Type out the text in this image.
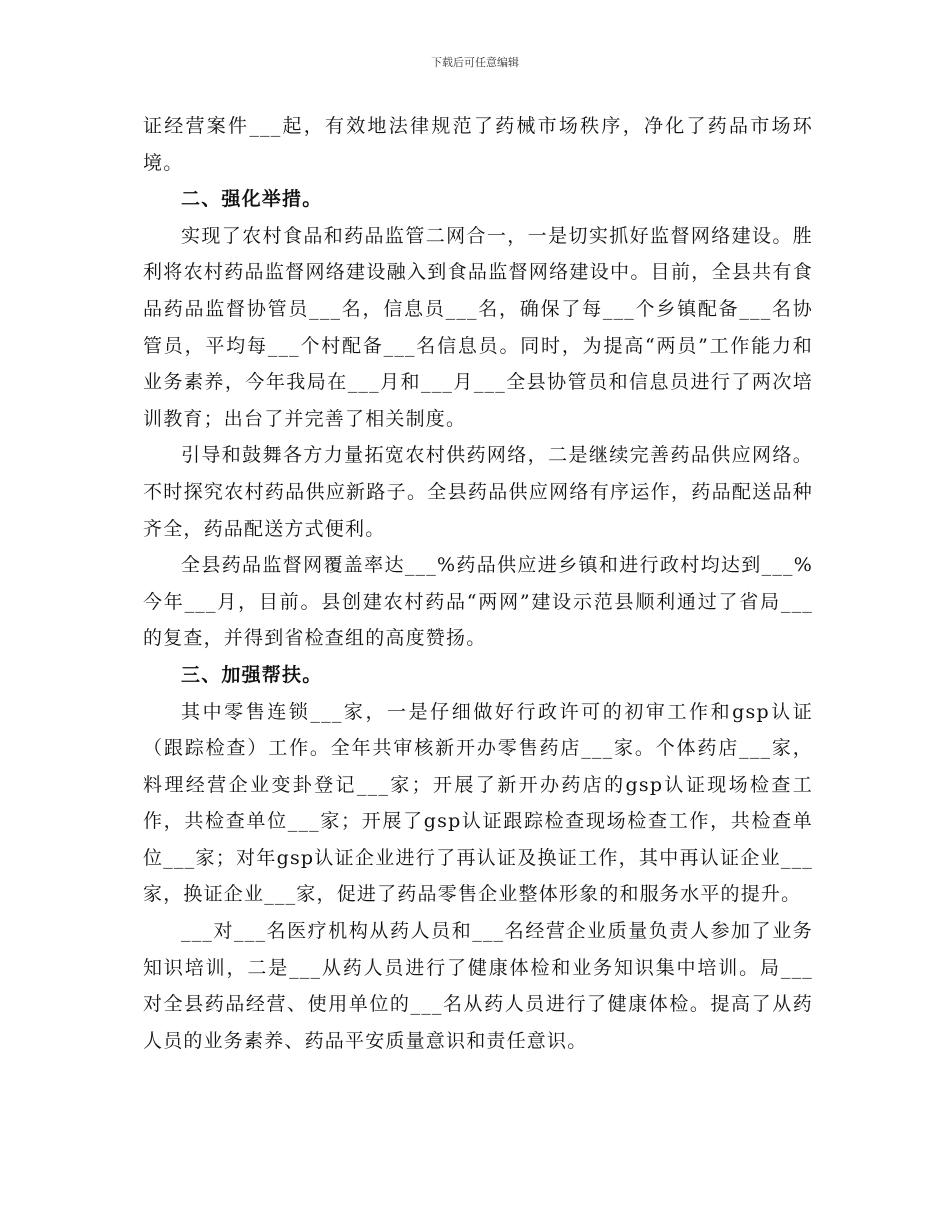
下载后可任意编辑

证经营案件___起，有效地法律规范了药械市场秩序，净化了药品市场环境。

二、强化举措。

实现了农村食品和药品监管二网合一，一是切实抓好监督网络建设。胜利将农村药品监督网络建设融入到食品监督网络建设中。目前，全县共有食品药品监督协管员___名，信息员___名，确保了每___个乡镇配备___名协管员，平均每___个村配备___名信息员。同时，为提高“两员”工作能力和业务素养，今年我局在___月和___月___全县协管员和信息员进行了两次培训教育；出台了并完善了相关制度。

引导和鼓舞各方力量拓宽农村供药网络，二是继续完善药品供应网络。不时探究农村药品供应新路子。全县药品供应网络有序运作，药品配送品种齐全，药品配送方式便利。

全县药品监督网覆盖率达___%药品供应进乡镇和进行政村均达到___%今年___月，目前。县创建农村药品“两网”建设示范县顺利通过了省局___的复查，并得到省检查组的高度赞扬。

三、加强帮扶。

其中零售连锁___家，一是仔细做好行政许可的初审工作和gsp认证（跟踪检查）工作。全年共审核新开办零售药店___家。个体药店___家，料理经营企业变卦登记___家；开展了新开办药店的gsp认证现场检查工作，共检查单位___家；开展了gsp认证跟踪检查现场检查工作，共检查单位___家；对年gsp认证企业进行了再认证及换证工作，其中再认证企业___家，换证企业___家，促进了药品零售企业整体形象的和服务水平的提升。

___对___名医疗机构从药人员和___名经营企业质量负责人参加了业务知识培训，二是___从药人员进行了健康体检和业务知识集中培训。局___对全县药品经营、使用单位的___名从药人员进行了健康体检。提高了从药人员的业务素养、药品平安质量意识和责任意识。
